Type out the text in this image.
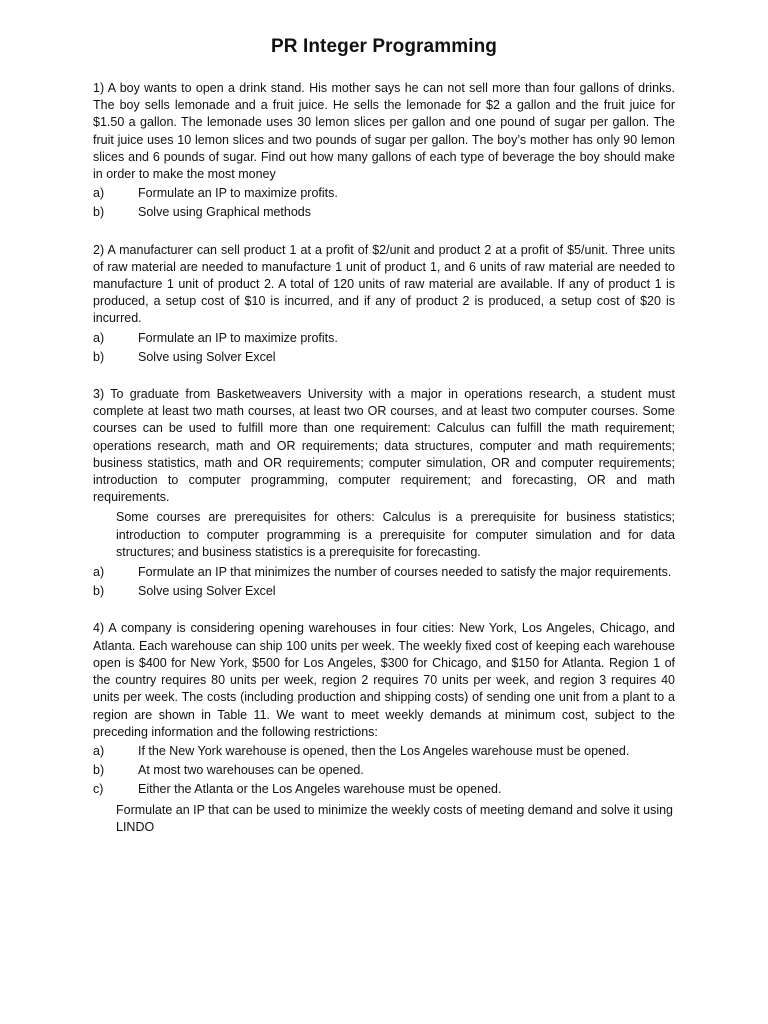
PR Integer Programming

1) A boy wants to open a drink stand. His mother says he can not sell more than four gallons of drinks. The boy sells lemonade and a fruit juice. He sells the lemonade for $2 a gallon and the fruit juice for $1.50 a gallon. The lemonade uses 30 lemon slices per gallon and one pound of sugar per gallon. The fruit juice uses 10 lemon slices and two pounds of sugar per gallon. The boy’s mother has only 90 lemon slices and 6 pounds of sugar. Find out how many gallons of each type of beverage the boy should make in order to make the most money

a)	Formulate an IP to maximize profits.
b)	Solve using Graphical methods

2) A manufacturer can sell product 1 at a profit of $2/unit and product 2 at a profit of $5/unit. Three units of raw material are needed to manufacture 1 unit of product 1, and 6 units of raw material are needed to manufacture 1 unit of product 2. A total of 120 units of raw material are available. If any of product 1 is produced, a setup cost of $10 is incurred, and if any of product 2 is produced, a setup cost of $20 is incurred.

a)	Formulate an IP to maximize profits.
b)	Solve using Solver Excel

3) To graduate from Basketweavers University with a major in operations research, a student must complete at least two math courses, at least two OR courses, and at least two computer courses. Some courses can be used to fulfill more than one requirement: Calculus can fulfill the math requirement; operations research, math and OR requirements; data structures, computer and math requirements; business statistics, math and OR requirements; computer simulation, OR and computer requirements; introduction to computer programming, computer requirement; and forecasting, OR and math requirements.

Some courses are prerequisites for others: Calculus is a prerequisite for business statistics; introduction to computer programming is a prerequisite for computer simulation and for data structures; and business statistics is a prerequisite for forecasting.

a)	Formulate an IP that minimizes the number of courses needed to satisfy the major requirements.
b)	Solve using Solver Excel

4) A company is considering opening warehouses in four cities: New York, Los Angeles, Chicago, and Atlanta. Each warehouse can ship 100 units per week. The weekly fixed cost of keeping each warehouse open is $400 for New York, $500 for Los Angeles, $300 for Chicago, and $150 for Atlanta. Region 1 of the country requires 80 units per week, region 2 requires 70 units per week, and region 3 requires 40 units per week. The costs (including production and shipping costs) of sending one unit from a plant to a region are shown in Table 11. We want to meet weekly demands at minimum cost, subject to the preceding information and the following restrictions:

a)	If the New York warehouse is opened, then the Los Angeles warehouse must be opened.
b)	At most two warehouses can be opened.
c)	Either the Atlanta or the Los Angeles warehouse must be opened.

Formulate an IP that can be used to minimize the weekly costs of meeting demand and solve it using LINDO
